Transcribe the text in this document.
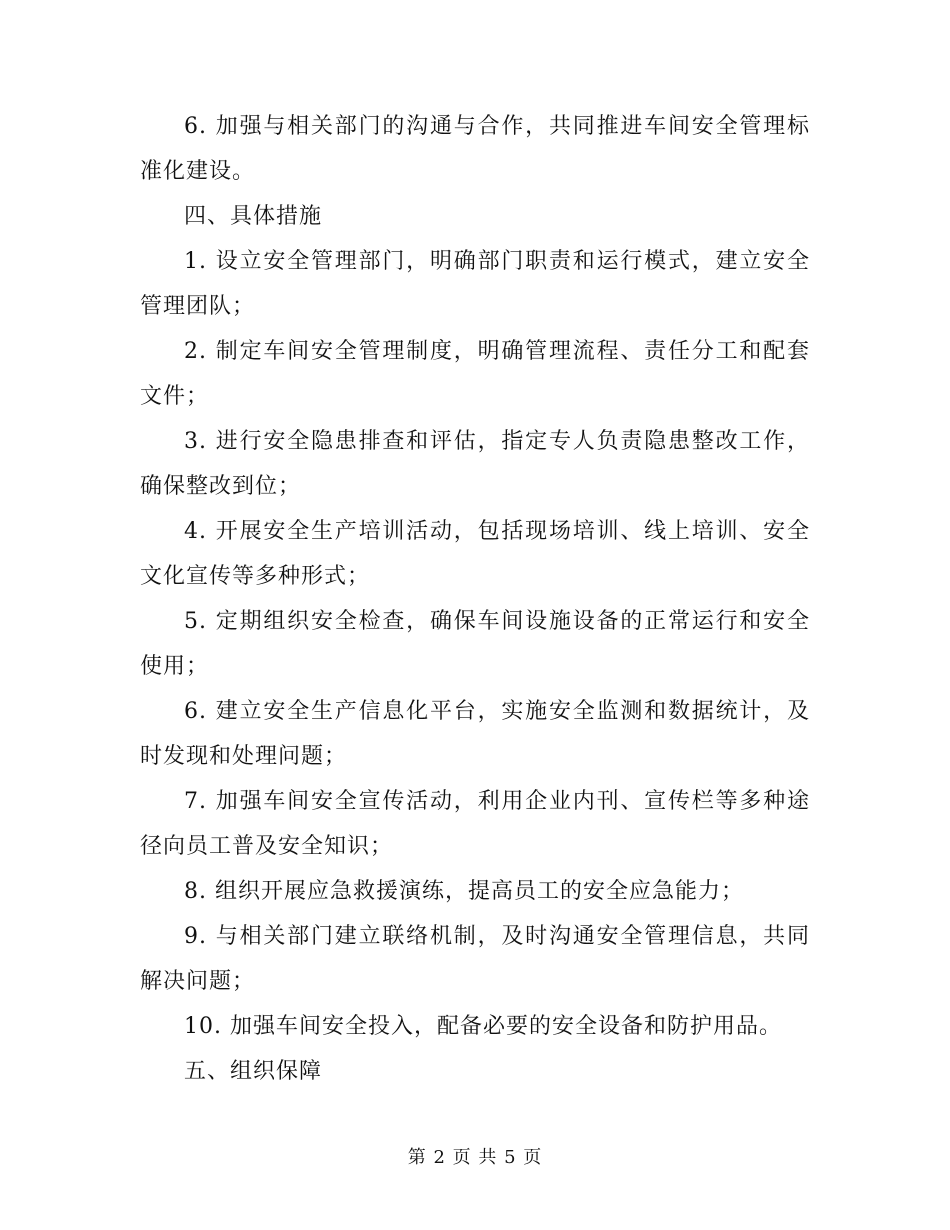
6. 加强与相关部门的沟通与合作，共同推进车间安全管理标准化建设。

四、具体措施

1. 设立安全管理部门，明确部门职责和运行模式，建立安全管理团队；

2. 制定车间安全管理制度，明确管理流程、责任分工和配套文件；

3. 进行安全隐患排查和评估，指定专人负责隐患整改工作，确保整改到位；

4. 开展安全生产培训活动，包括现场培训、线上培训、安全文化宣传等多种形式；

5. 定期组织安全检查，确保车间设施设备的正常运行和安全使用；

6. 建立安全生产信息化平台，实施安全监测和数据统计，及时发现和处理问题；

7. 加强车间安全宣传活动，利用企业内刊、宣传栏等多种途径向员工普及安全知识；

8. 组织开展应急救援演练，提高员工的安全应急能力；

9. 与相关部门建立联络机制，及时沟通安全管理信息，共同解决问题；

10. 加强车间安全投入，配备必要的安全设备和防护用品。

五、组织保障

第 2 页 共 5 页
